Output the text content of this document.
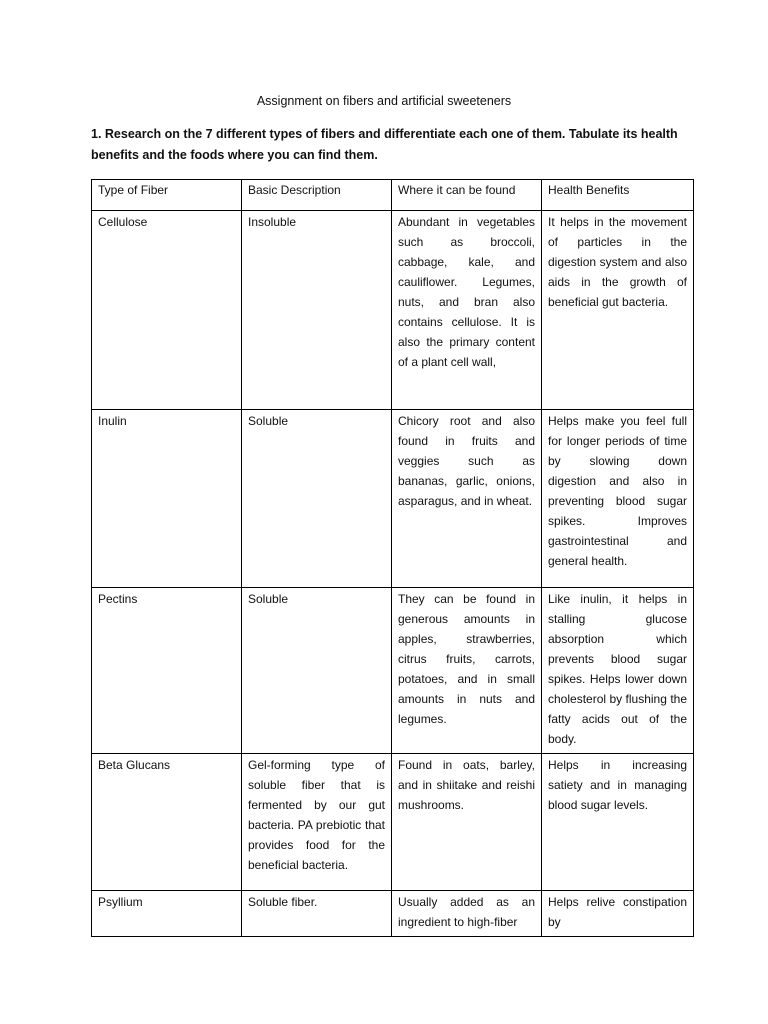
Assignment on fibers and artificial sweeteners
1. Research on the 7 different types of fibers and differentiate each one of them. Tabulate its health benefits and the foods where you can find them.
Type of Fiber	Basic Description	Where it can be found	Health Benefits
Cellulose	Insoluble	Abundant in vegetables such as broccoli, cabbage, kale, and cauliflower. Legumes, nuts, and bran also contains cellulose. It is also the primary content of a plant cell wall,	It helps in the movement of particles in the digestion system and also aids in the growth of beneficial gut bacteria.
Inulin	Soluble	Chicory root and also found in fruits and veggies such as bananas, garlic, onions, asparagus, and in wheat.	Helps make you feel full for longer periods of time by slowing down digestion and also in preventing blood sugar spikes. Improves gastrointestinal and general health.
Pectins	Soluble	They can be found in generous amounts in apples, strawberries, citrus fruits, carrots, potatoes, and in small amounts in nuts and legumes.	Like inulin, it helps in stalling glucose absorption which prevents blood sugar spikes. Helps lower down cholesterol by flushing the fatty acids out of the body.
Beta Glucans	Gel-forming type of soluble fiber that is fermented by our gut bacteria. PA prebiotic that provides food for the beneficial bacteria.	Found in oats, barley, and in shiitake and reishi mushrooms.	Helps in increasing satiety and in managing blood sugar levels.
Psyllium	Soluble fiber.	Usually added as an ingredient to high-fiber	Helps relive constipation by
